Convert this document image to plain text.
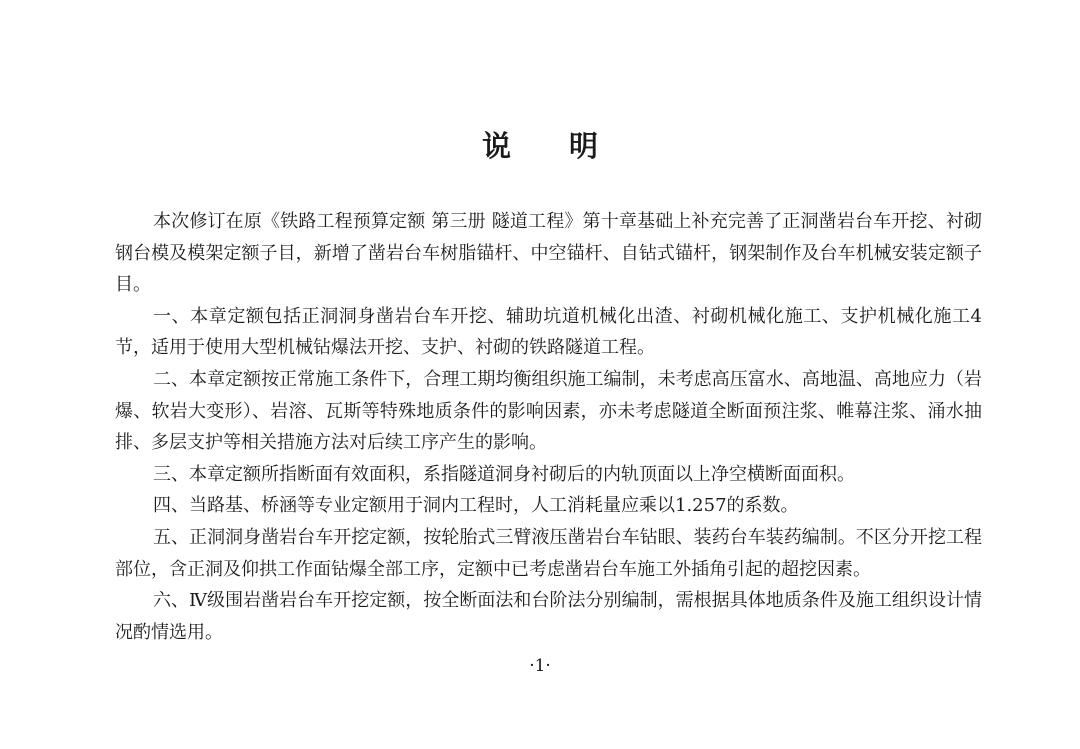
说 明

本次修订在原《铁路工程预算定额 第三册 隧道工程》第十章基础上补充完善了正洞凿岩台车开挖、衬砌钢台模及模架定额子目，新增了凿岩台车树脂锚杆、中空锚杆、自钻式锚杆，钢架制作及台车机械安装定额子目。

一、本章定额包括正洞洞身凿岩台车开挖、辅助坑道机械化出渣、衬砌机械化施工、支护机械化施工4节，适用于使用大型机械钻爆法开挖、支护、衬砌的铁路隧道工程。

二、本章定额按正常施工条件下，合理工期均衡组织施工编制，未考虑高压富水、高地温、高地应力（岩爆、软岩大变形）、岩溶、瓦斯等特殊地质条件的影响因素，亦未考虑隧道全断面预注浆、帷幕注浆、涌水抽排、多层支护等相关措施方法对后续工序产生的影响。

三、本章定额所指断面有效面积，系指隧道洞身衬砌后的内轨顶面以上净空横断面面积。

四、当路基、桥涵等专业定额用于洞内工程时，人工消耗量应乘以1.257的系数。

五、正洞洞身凿岩台车开挖定额，按轮胎式三臂液压凿岩台车钻眼、装药台车装药编制。不区分开挖工程部位，含正洞及仰拱工作面钻爆全部工序，定额中已考虑凿岩台车施工外插角引起的超挖因素。

六、Ⅳ级围岩凿岩台车开挖定额，按全断面法和台阶法分别编制，需根据具体地质条件及施工组织设计情况酌情选用。

·1·
